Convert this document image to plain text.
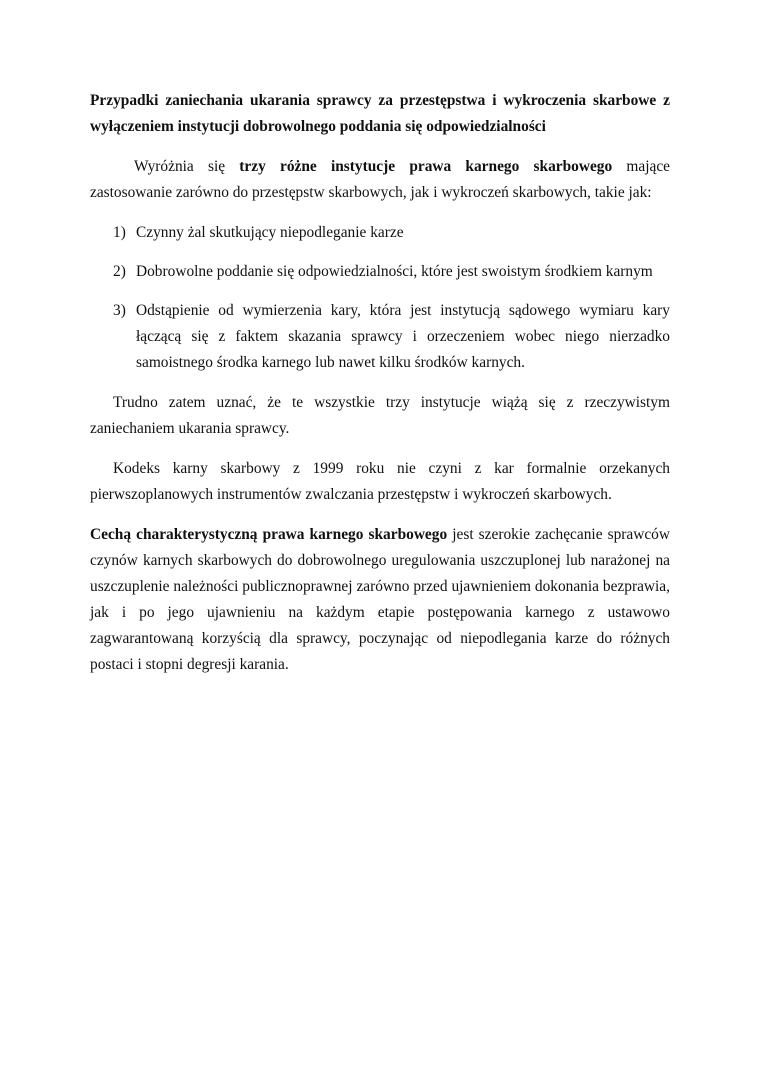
Przypadki zaniechania ukarania sprawcy za przestępstwa i wykroczenia skarbowe z wyłączeniem instytucji dobrowolnego poddania się odpowiedzialności

Wyróżnia się trzy różne instytucje prawa karnego skarbowego mające zastosowanie zarówno do przestępstw skarbowych, jak i wykroczeń skarbowych, takie jak:

1) Czynny żal skutkujący niepodleganie karze
2) Dobrowolne poddanie się odpowiedzialności, które jest swoistym środkiem karnym
3) Odstąpienie od wymierzenia kary, która jest instytucją sądowego wymiaru kary łączącą się z faktem skazania sprawcy i orzeczeniem wobec niego nierzadko samoistnego środka karnego lub nawet kilku środków karnych.

Trudno zatem uznać, że te wszystkie trzy instytucje wiążą się z rzeczywistym zaniechaniem ukarania sprawcy.

Kodeks karny skarbowy z 1999 roku nie czyni z kar formalnie orzekanych pierwszoplanowych instrumentów zwalczania przestępstw i wykroczeń skarbowych.

Cechą charakterystyczną prawa karnego skarbowego jest szerokie zachęcanie sprawców czynów karnych skarbowych do dobrowolnego uregulowania uszczuplonej lub narażonej na uszczuplenie należności publicznoprawnej zarówno przed ujawnieniem dokonania bezprawia, jak i po jego ujawnieniu na każdym etapie postępowania karnego z ustawowo zagwarantowaną korzyścią dla sprawcy, poczynając od niepodlegania karze do różnych postaci i stopni degresji karania.
